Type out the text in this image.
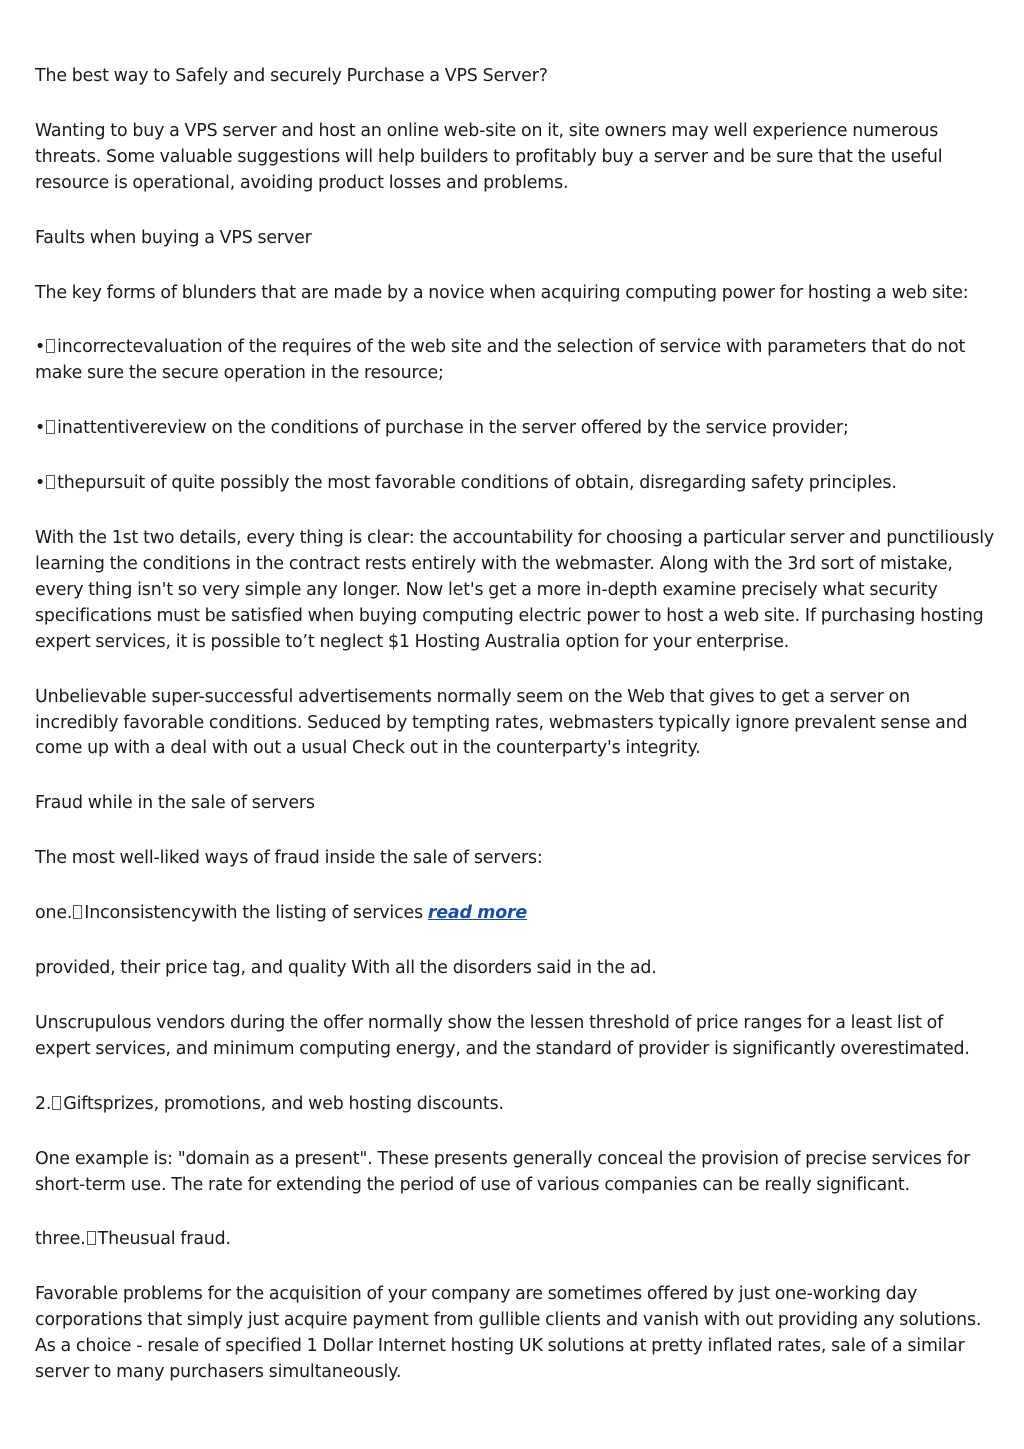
The best way to Safely and securely Purchase a VPS Server?

Wanting to buy a VPS server and host an online web-site on it, site owners may well experience numerous threats. Some valuable suggestions will help builders to profitably buy a server and be sure that the useful resource is operational, avoiding product losses and problems.

Faults when buying a VPS server

The key forms of blunders that are made by a novice when acquiring computing power for hosting a web site:

• incorrectevaluation of the requires of the web site and the selection of service with parameters that do not make sure the secure operation in the resource;

• inattentivereview on the conditions of purchase in the server offered by the service provider;

• thepursuit of quite possibly the most favorable conditions of obtain, disregarding safety principles.

With the 1st two details, every thing is clear: the accountability for choosing a particular server and punctiliously learning the conditions in the contract rests entirely with the webmaster. Along with the 3rd sort of mistake, every thing isn't so very simple any longer. Now let's get a more in-depth examine precisely what security specifications must be satisfied when buying computing electric power to host a web site. If purchasing hosting expert services, it is possible to’t neglect $1 Hosting Australia option for your enterprise.

Unbelievable super-successful advertisements normally seem on the Web that gives to get a server on incredibly favorable conditions. Seduced by tempting rates, webmasters typically ignore prevalent sense and come up with a deal with out a usual Check out in the counterparty's integrity.

Fraud while in the sale of servers

The most well-liked ways of fraud inside the sale of servers:

one. Inconsistencywith the listing of services read more

provided, their price tag, and quality With all the disorders said in the ad.

Unscrupulous vendors during the offer normally show the lessen threshold of price ranges for a least list of expert services, and minimum computing energy, and the standard of provider is significantly overestimated.

2. Giftsprizes, promotions, and web hosting discounts.

One example is: "domain as a present". These presents generally conceal the provision of precise services for short-term use. The rate for extending the period of use of various companies can be really significant.

three. Theusual fraud.

Favorable problems for the acquisition of your company are sometimes offered by just one-working day corporations that simply just acquire payment from gullible clients and vanish with out providing any solutions. As a choice - resale of specified 1 Dollar Internet hosting UK solutions at pretty inflated rates, sale of a similar server to many purchasers simultaneously.
